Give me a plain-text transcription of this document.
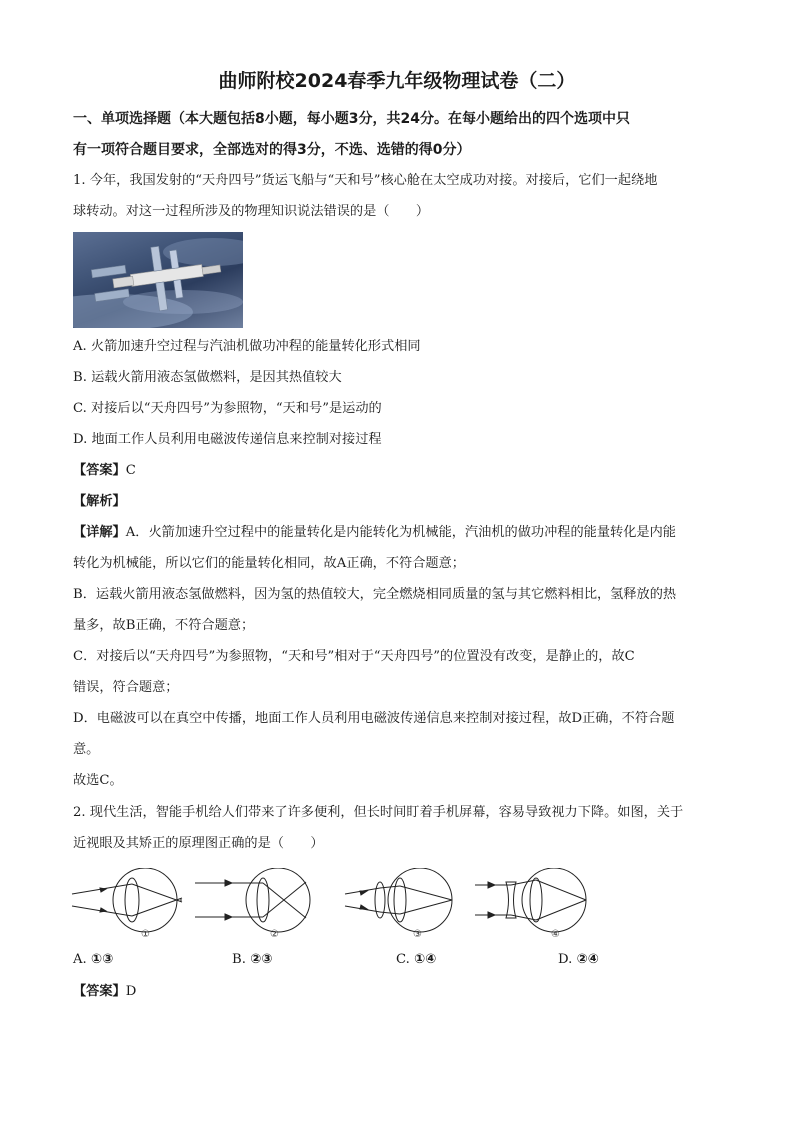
曲师附校2024春季九年级物理试卷（二）
一、单项选择题（本大题包括8小题，每小题3分，共24分。在每小题给出的四个选项中只
有一项符合题目要求，全部选对的得3分，不选、选错的得0分）
1. 今年，我国发射的“天舟四号”货运飞船与“天和号”核心舱在太空成功对接。对接后，它们一起绕地
球转动。对这一过程所涉及的物理知识说法错误的是（　　）
A. 火箭加速升空过程与汽油机做功冲程的能量转化形式相同
B. 运载火箭用液态氢做燃料，是因其热值较大
C. 对接后以“天舟四号”为参照物，“天和号”是运动的
D. 地面工作人员利用电磁波传递信息来控制对接过程
【答案】C
【解析】
【详解】A．火箭加速升空过程中的能量转化是内能转化为机械能，汽油机的做功冲程的能量转化是内能
转化为机械能，所以它们的能量转化相同，故A正确，不符合题意；
B．运载火箭用液态氢做燃料，因为氢的热值较大，完全燃烧相同质量的氢与其它燃料相比，氢释放的热
量多，故B正确，不符合题意；
C．对接后以“天舟四号”为参照物，“天和号”相对于“天舟四号”的位置没有改变，是静止的，故C
错误，符合题意；
D．电磁波可以在真空中传播，地面工作人员利用电磁波传递信息来控制对接过程，故D正确，不符合题
意。
故选C。
2. 现代生活，智能手机给人们带来了许多便利，但长时间盯着手机屏幕，容易导致视力下降。如图，关于
近视眼及其矫正的原理图正确的是（　　）
①	②	③	④
A. ①③	B. ②③	C. ①④	D. ②④
【答案】D
